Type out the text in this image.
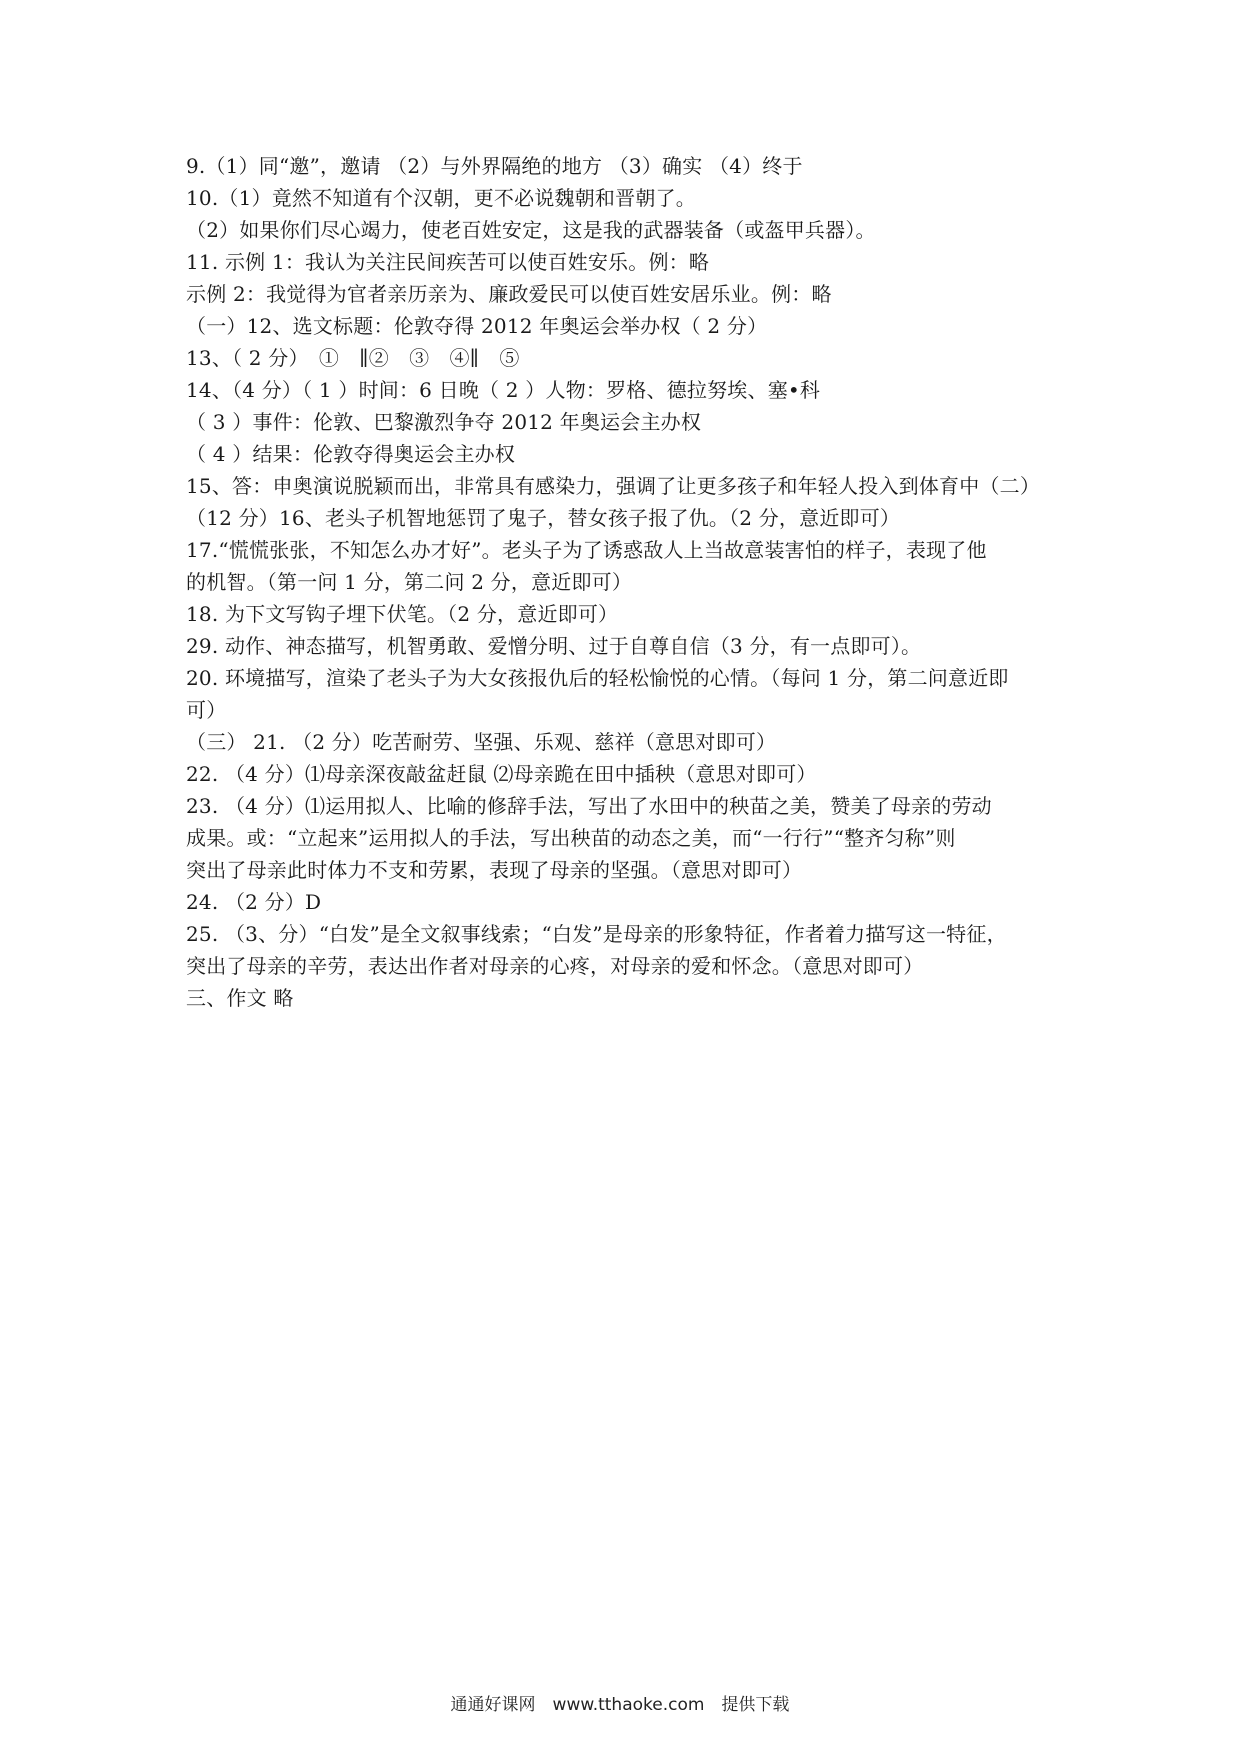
9.（1）同“邀”，邀请 （2）与外界隔绝的地方 （3）确实 （4）终于
10.（1）竟然不知道有个汉朝，更不必说魏朝和晋朝了。
（2）如果你们尽心竭力，使老百姓安定，这是我的武器装备（或盔甲兵器）。
11. 示例 1：我认为关注民间疾苦可以使百姓安乐。例：略
示例 2：我觉得为官者亲历亲为、廉政爱民可以使百姓安居乐业。例：略
（一）12、选文标题：伦敦夺得 2012 年奥运会举办权（ 2 分）
13、（ 2 分）　①　∥②　③　④∥　⑤
14、（4 分）（ 1 ）时间：6 日晚（ 2 ）人物：罗格、德拉努埃、塞•科
（ 3 ）事件：伦敦、巴黎激烈争夺 2012 年奥运会主办权
（ 4 ）结果：伦敦夺得奥运会主办权
15、答：申奥演说脱颖而出，非常具有感染力，强调了让更多孩子和年轻人投入到体育中（二）
（12 分）16、老头子机智地惩罚了鬼子，替女孩子报了仇。（2 分，意近即可）
17.“慌慌张张，不知怎么办才好”。老头子为了诱惑敌人上当故意装害怕的样子，表现了他
的机智。（第一问 1 分，第二问 2 分，意近即可）
18. 为下文写钩子埋下伏笔。（2 分，意近即可）
29. 动作、神态描写，机智勇敢、爱憎分明、过于自尊自信（3 分，有一点即可）。
20. 环境描写，渲染了老头子为大女孩报仇后的轻松愉悦的心情。（每问 1 分，第二问意近即
可）
（三） 21. （2 分）吃苦耐劳、坚强、乐观、慈祥（意思对即可）
22. （4 分）⑴母亲深夜敲盆赶鼠 ⑵母亲跪在田中插秧（意思对即可）
23. （4 分）⑴运用拟人、比喻的修辞手法，写出了水田中的秧苗之美，赞美了母亲的劳动
成果。或：“立起来”运用拟人的手法，写出秧苗的动态之美，而“一行行”“整齐匀称”则
突出了母亲此时体力不支和劳累，表现了母亲的坚强。（意思对即可）
24. （2 分）D
25. （3、分）“白发”是全文叙事线索；“白发”是母亲的形象特征，作者着力描写这一特征，
突出了母亲的辛劳，表达出作者对母亲的心疼，对母亲的爱和怀念。（意思对即可）
三、作文 略
通通好课网　www.tthaoke.com　提供下载
